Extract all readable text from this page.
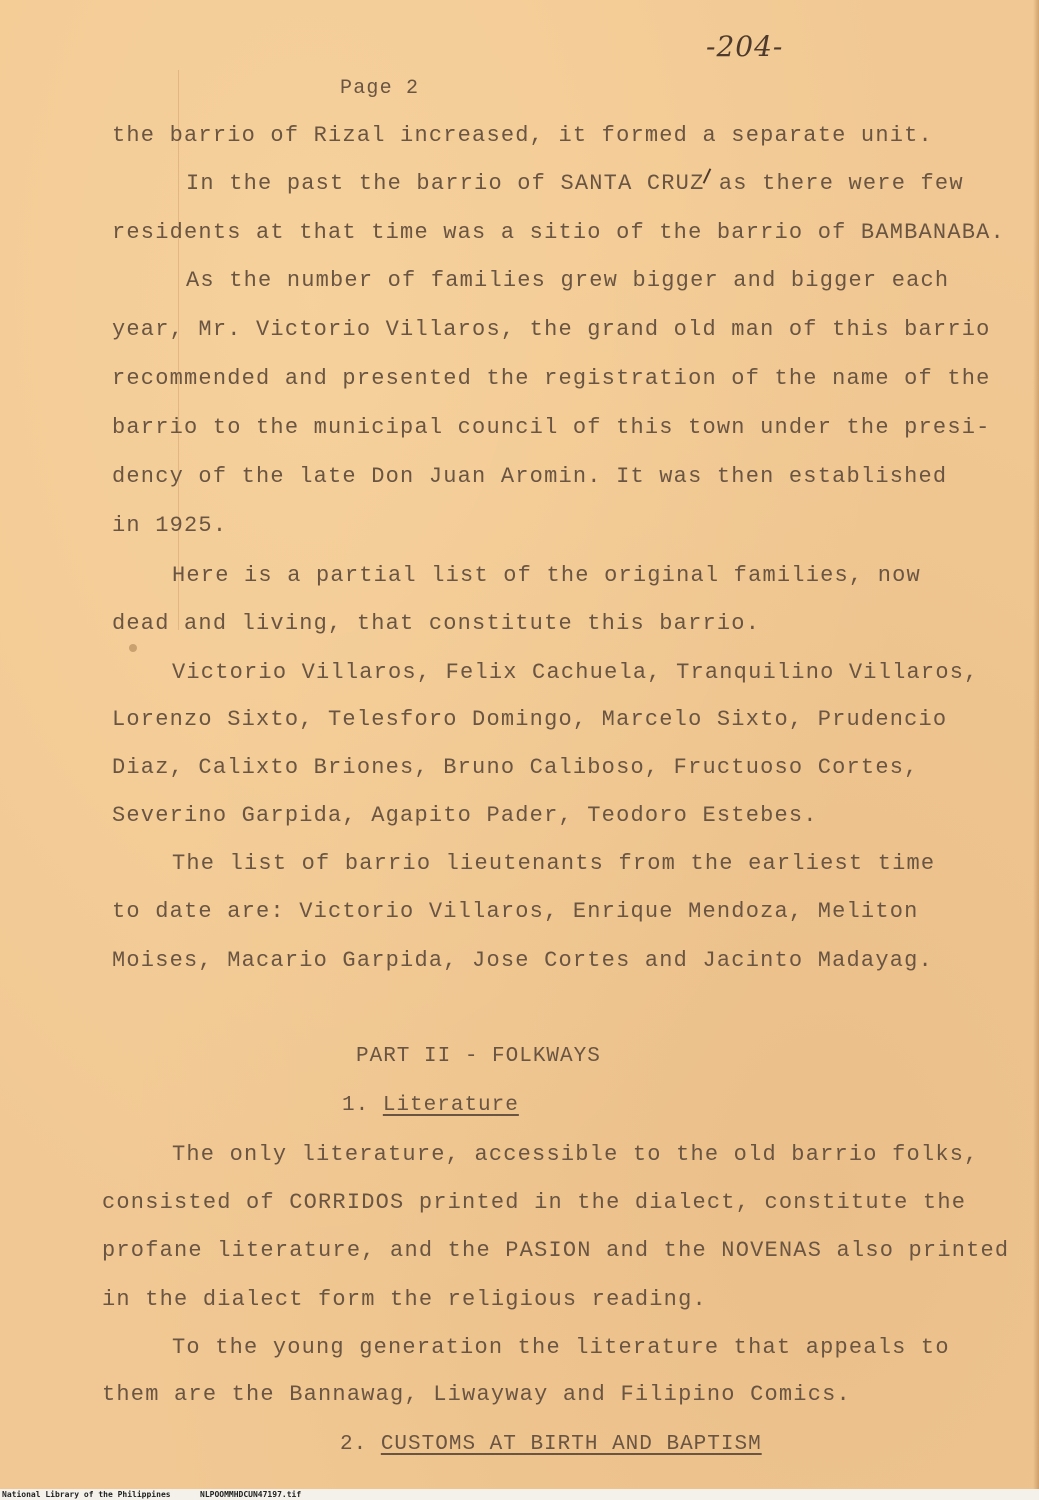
-204-
Page 2
the barrio of Rizal increased, it formed a separate unit.
In the past the barrio of SANTA CRUZ as there were few
residents at that time was a sitio of the barrio of BAMBANABA.
As the number of families grew bigger and bigger each
year, Mr. Victorio Villaros, the grand old man of this barrio
recommended and presented the registration of the name of the
barrio to the municipal council of this town under the presi-
dency of the late Don Juan Aromin. It was then established
in 1925.
Here is a partial list of the original families, now
dead and living, that constitute this barrio.
Victorio Villaros, Felix Cachuela, Tranquilino Villaros,
Lorenzo Sixto, Telesforo Domingo, Marcelo Sixto, Prudencio
Diaz, Calixto Briones, Bruno Caliboso, Fructuoso Cortes,
Severino Garpida, Agapito Pader, Teodoro Estebes.
The list of barrio lieutenants from the earliest time
to date are: Victorio Villaros, Enrique Mendoza, Meliton
Moises, Macario Garpida, Jose Cortes and Jacinto Madayag.
PART II - FOLKWAYS
1. Literature
The only literature, accessible to the old barrio folks,
consisted of CORRIDOS printed in the dialect, constitute the
profane literature, and the PASION and the NOVENAS also printed
in the dialect form the religious reading.
To the young generation the literature that appeals to
them are the Bannawag, Liwayway and Filipino Comics.
2. CUSTOMS AT BIRTH AND BAPTISM
National Library of the Philippines	NLPOOMMHDCUN47197.tif
